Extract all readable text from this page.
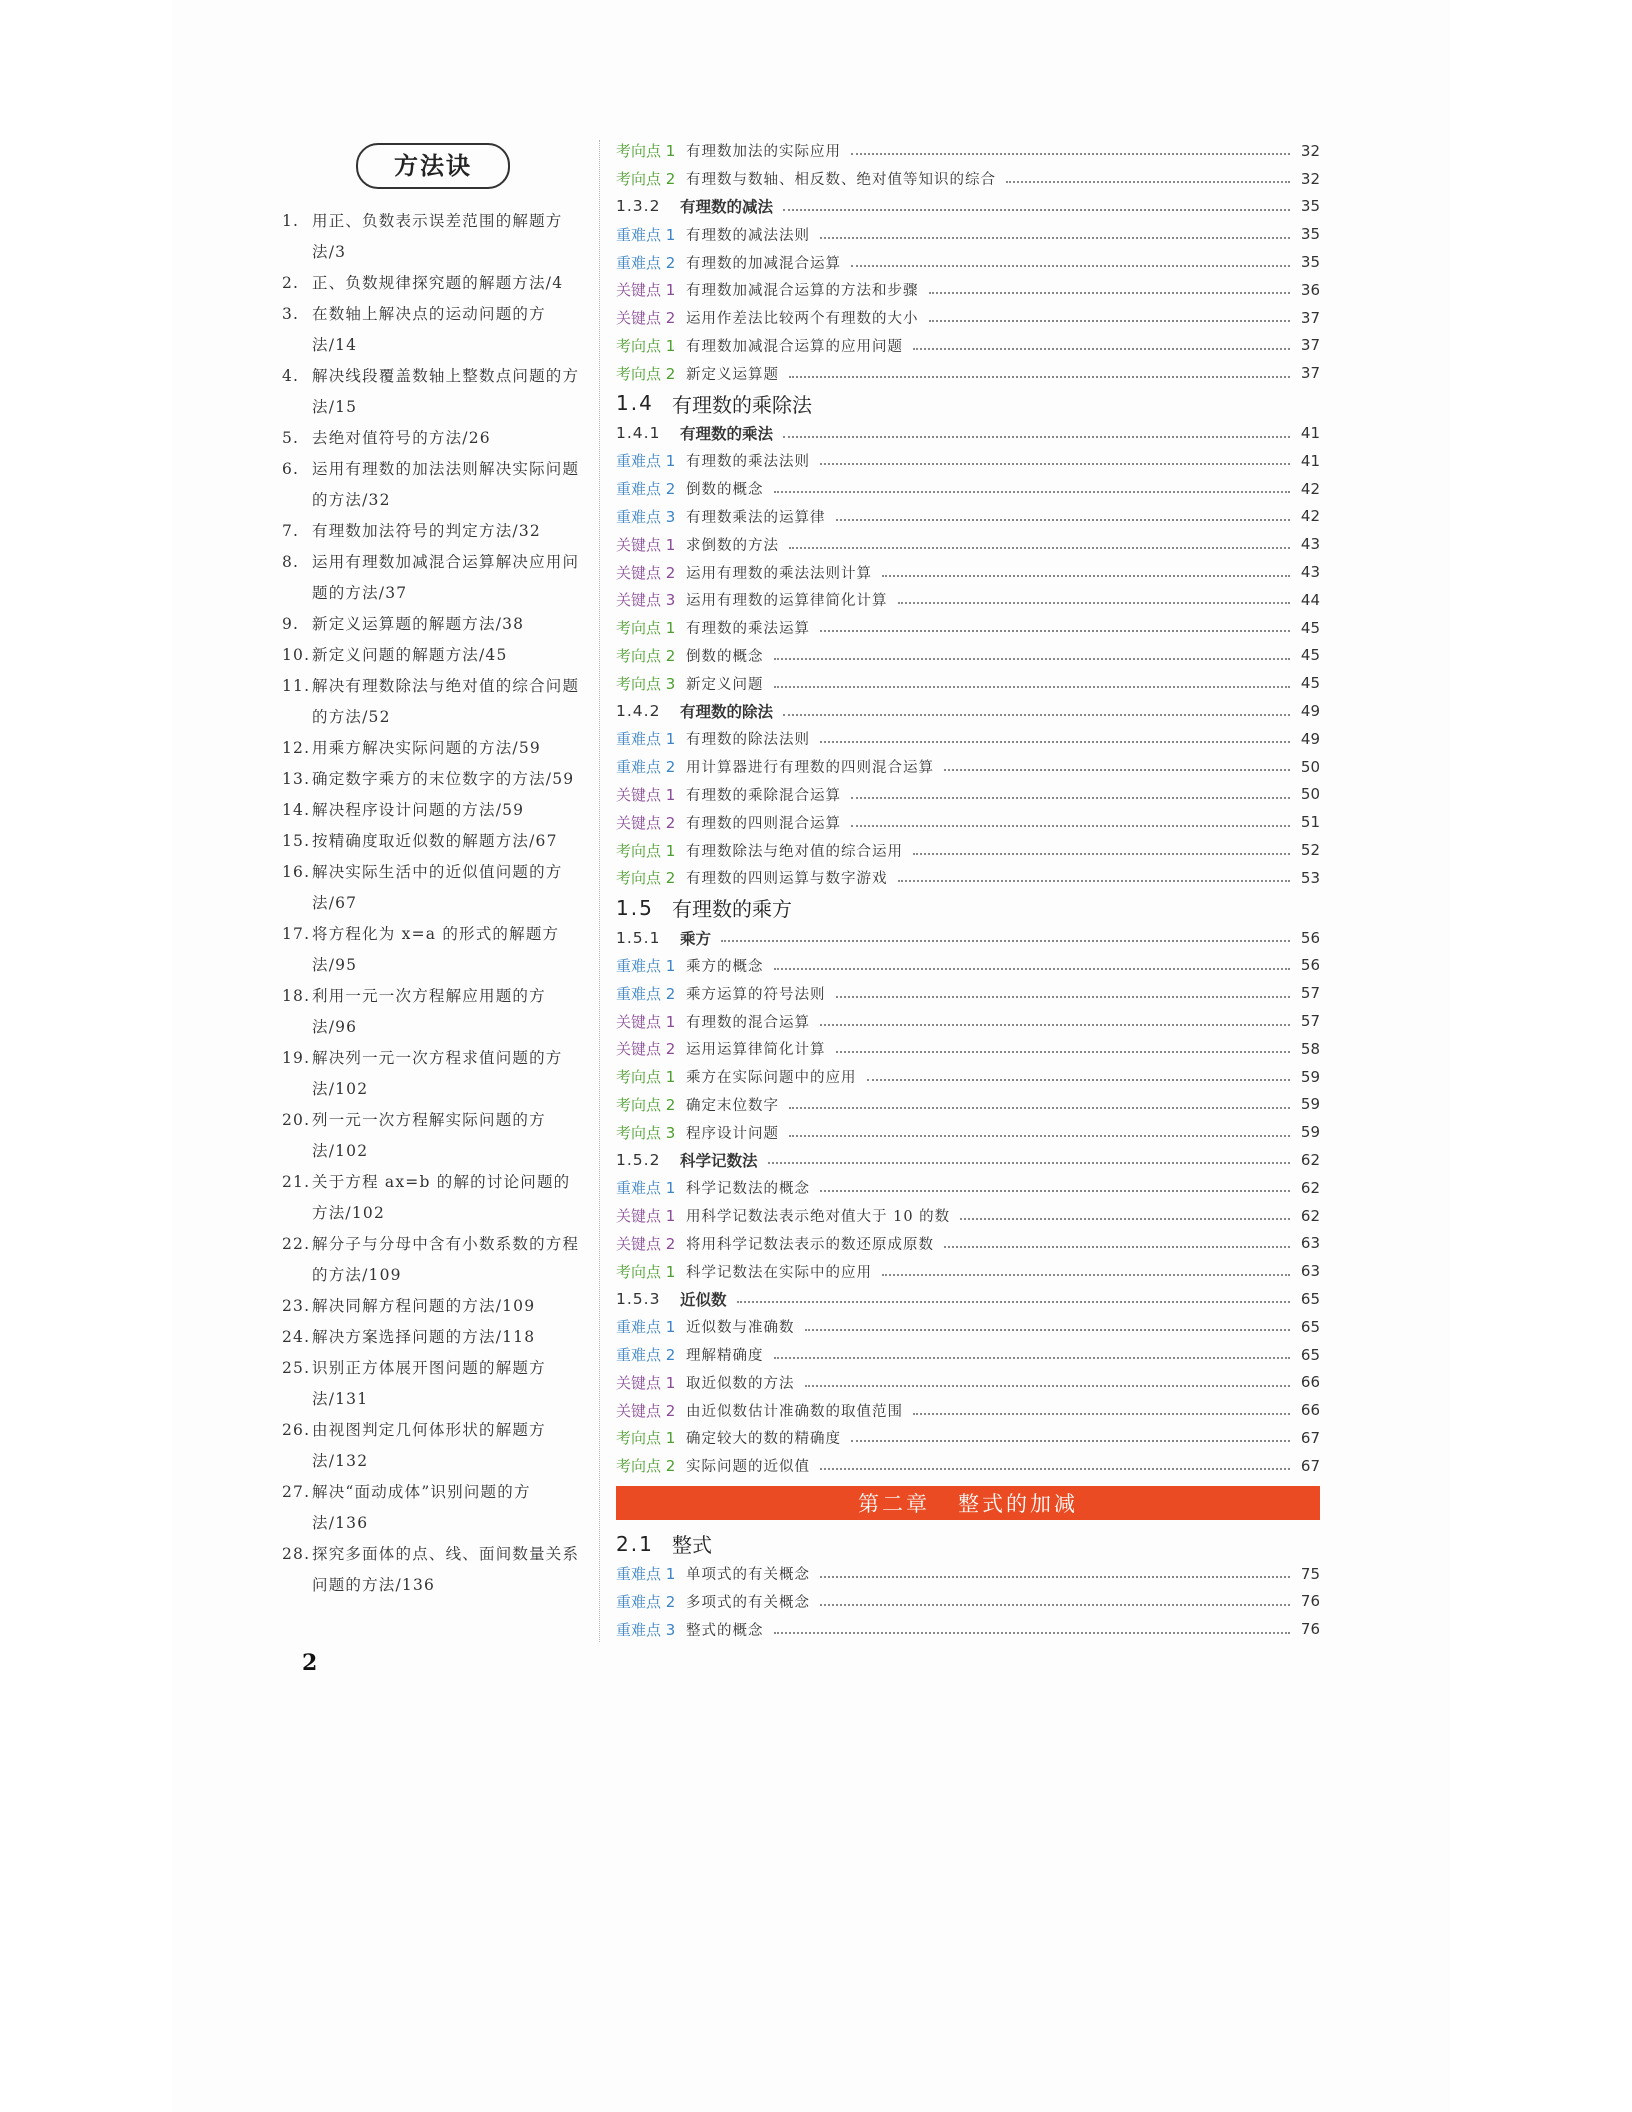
方法诀
1. 用正、负数表示误差范围的解题方法/3
2. 正、负数规律探究题的解题方法/4
3. 在数轴上解决点的运动问题的方法/14
4. 解决线段覆盖数轴上整数点问题的方法/15
5. 去绝对值符号的方法/26
6. 运用有理数的加法法则解决实际问题的方法/32
7. 有理数加法符号的判定方法/32
8. 运用有理数加减混合运算解决应用问题的方法/37
9. 新定义运算题的解题方法/38
10. 新定义问题的解题方法/45
11. 解决有理数除法与绝对值的综合问题的方法/52
12. 用乘方解决实际问题的方法/59
13. 确定数字乘方的末位数字的方法/59
14. 解决程序设计问题的方法/59
15. 按精确度取近似数的解题方法/67
16. 解决实际生活中的近似值问题的方法/67
17. 将方程化为 x=a 的形式的解题方法/95
18. 利用一元一次方程解应用题的方法/96
19. 解决列一元一次方程求值问题的方法/102
20. 列一元一次方程解实际问题的方法/102
21. 关于方程 ax=b 的解的讨论问题的方法/102
22. 解分子与分母中含有小数系数的方程的方法/109
23. 解决同解方程问题的方法/109
24. 解决方案选择问题的方法/118
25. 识别正方体展开图问题的解题方法/131
26. 由视图判定几何体形状的解题方法/132
27. 解决“面动成体”识别问题的方法/136
28. 探究多面体的点、线、面间数量关系问题的方法/136
2
考向点 1 有理数加法的实际应用	32
考向点 2 有理数与数轴、相反数、绝对值等知识的综合	32
1.3.2	有理数的减法	35
重难点 1 有理数的减法法则	35
重难点 2 有理数的加减混合运算	35
关键点 1 有理数加减混合运算的方法和步骤	36
关键点 2 运用作差法比较两个有理数的大小	37
考向点 1 有理数加减混合运算的应用问题	37
考向点 2 新定义运算题	37
1.4 有理数的乘除法
1.4.1	有理数的乘法	41
重难点 1 有理数的乘法法则	41
重难点 2 倒数的概念	42
重难点 3 有理数乘法的运算律	42
关键点 1 求倒数的方法	43
关键点 2 运用有理数的乘法法则计算	43
关键点 3 运用有理数的运算律简化计算	44
考向点 1 有理数的乘法运算	45
考向点 2 倒数的概念	45
考向点 3 新定义问题	45
1.4.2	有理数的除法	49
重难点 1 有理数的除法法则	49
重难点 2 用计算器进行有理数的四则混合运算	50
关键点 1 有理数的乘除混合运算	50
关键点 2 有理数的四则混合运算	51
考向点 1 有理数除法与绝对值的综合运用	52
考向点 2 有理数的四则运算与数字游戏	53
1.5 有理数的乘方
1.5.1	乘方	56
重难点 1 乘方的概念	56
重难点 2 乘方运算的符号法则	57
关键点 1 有理数的混合运算	57
关键点 2 运用运算律简化计算	58
考向点 1 乘方在实际问题中的应用	59
考向点 2 确定末位数字	59
考向点 3 程序设计问题	59
1.5.2	科学记数法	62
重难点 1 科学记数法的概念	62
关键点 1 用科学记数法表示绝对值大于 10 的数	62
关键点 2 将用科学记数法表示的数还原成原数	63
考向点 1 科学记数法在实际中的应用	63
1.5.3	近似数	65
重难点 1 近似数与准确数	65
重难点 2 理解精确度	65
关键点 1 取近似数的方法	66
关键点 2 由近似数估计准确数的取值范围	66
考向点 1 确定较大的数的精确度	67
考向点 2 实际问题的近似值	67
第二章 整式的加减
2.1 整式
重难点 1 单项式的有关概念	75
重难点 2 多项式的有关概念	76
重难点 3 整式的概念	76
